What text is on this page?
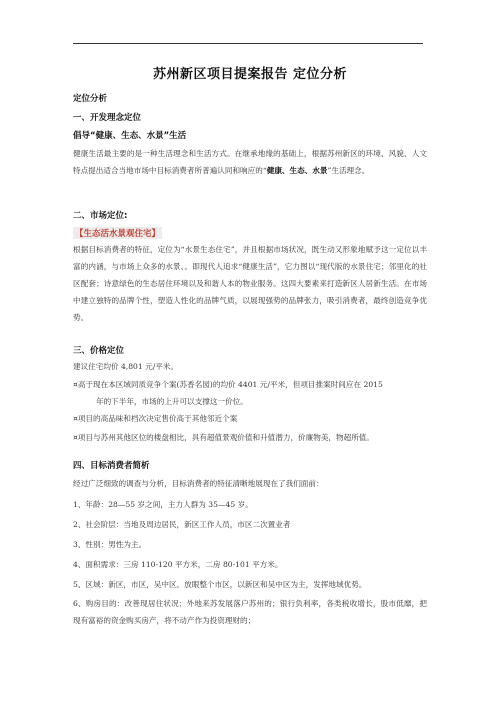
苏州新区项目提案报告 定位分析
定位分析
一、开发理念定位
倡导“健康、生态、水景”生活

健康生活最主要的是一种生活理念和生活方式。在继承地缘的基础上，根据苏州新区的环境、风貌、人文特点提出适合当地市场中目标消费者所普遍认同和响应的“健康、生态、水景”生活理念。

二、市场定位:
【生态活水景观住宅】

根据目标消费者的特征，定位为“水景生态住宅”，并且根据市场状况，既生动又形象地赋予这一定位以丰富的内涵，与市场上众多的水景、。即现代人追求“健康生活”，它力图以“现代版的水景住宅；邻里化的社区配套；诗意绿色的生态居住环境以及和谐人本的物业服务。这四大要素来打造新区人居新生活。在市场中建立独特的品牌个性，塑造人性化的品牌气质，以展现强势的品牌张力，吸引消费者，最终创造竞争优势。

三、价格定位
建议住宅均价 4,801 元/平米。

¤高于现在本区域同质竞争个案(苏香名园)的均价 4401 元/平米，但项目推案时间应在 2015
年的下半年，市场的上升可以支撑这一价位。

¤项目的高品味和档次决定售价高于其他邻近个案

¤项目与苏州其他区位的楼盘相比，具有超值景观价值和升值潜力，价廉物美，物超所值。

四、目标消费者简析
经过广泛细致的调查与分析，目标消费者的特征清晰地展现在了我们面前：
1、年龄：28—55 岁之间，主力人群为 35—45 岁。
2、社会阶层：当地及周边居民，新区工作人员，市区二次置业者
3、性别：男性为主。
4、面积需求：三房 110-120 平方米，二房 80-101 平方米。
5、区域：新区，市区，吴中区。放眼整个市区，以新区和吴中区为主，发挥地域优势。

6、购房目的：改善现居住状况；外地来苏发展落户苏州的；银行负利率，各类税收增长，股市低靡，把现有富裕的资金购买房产，将不动产作为投资理财的；
